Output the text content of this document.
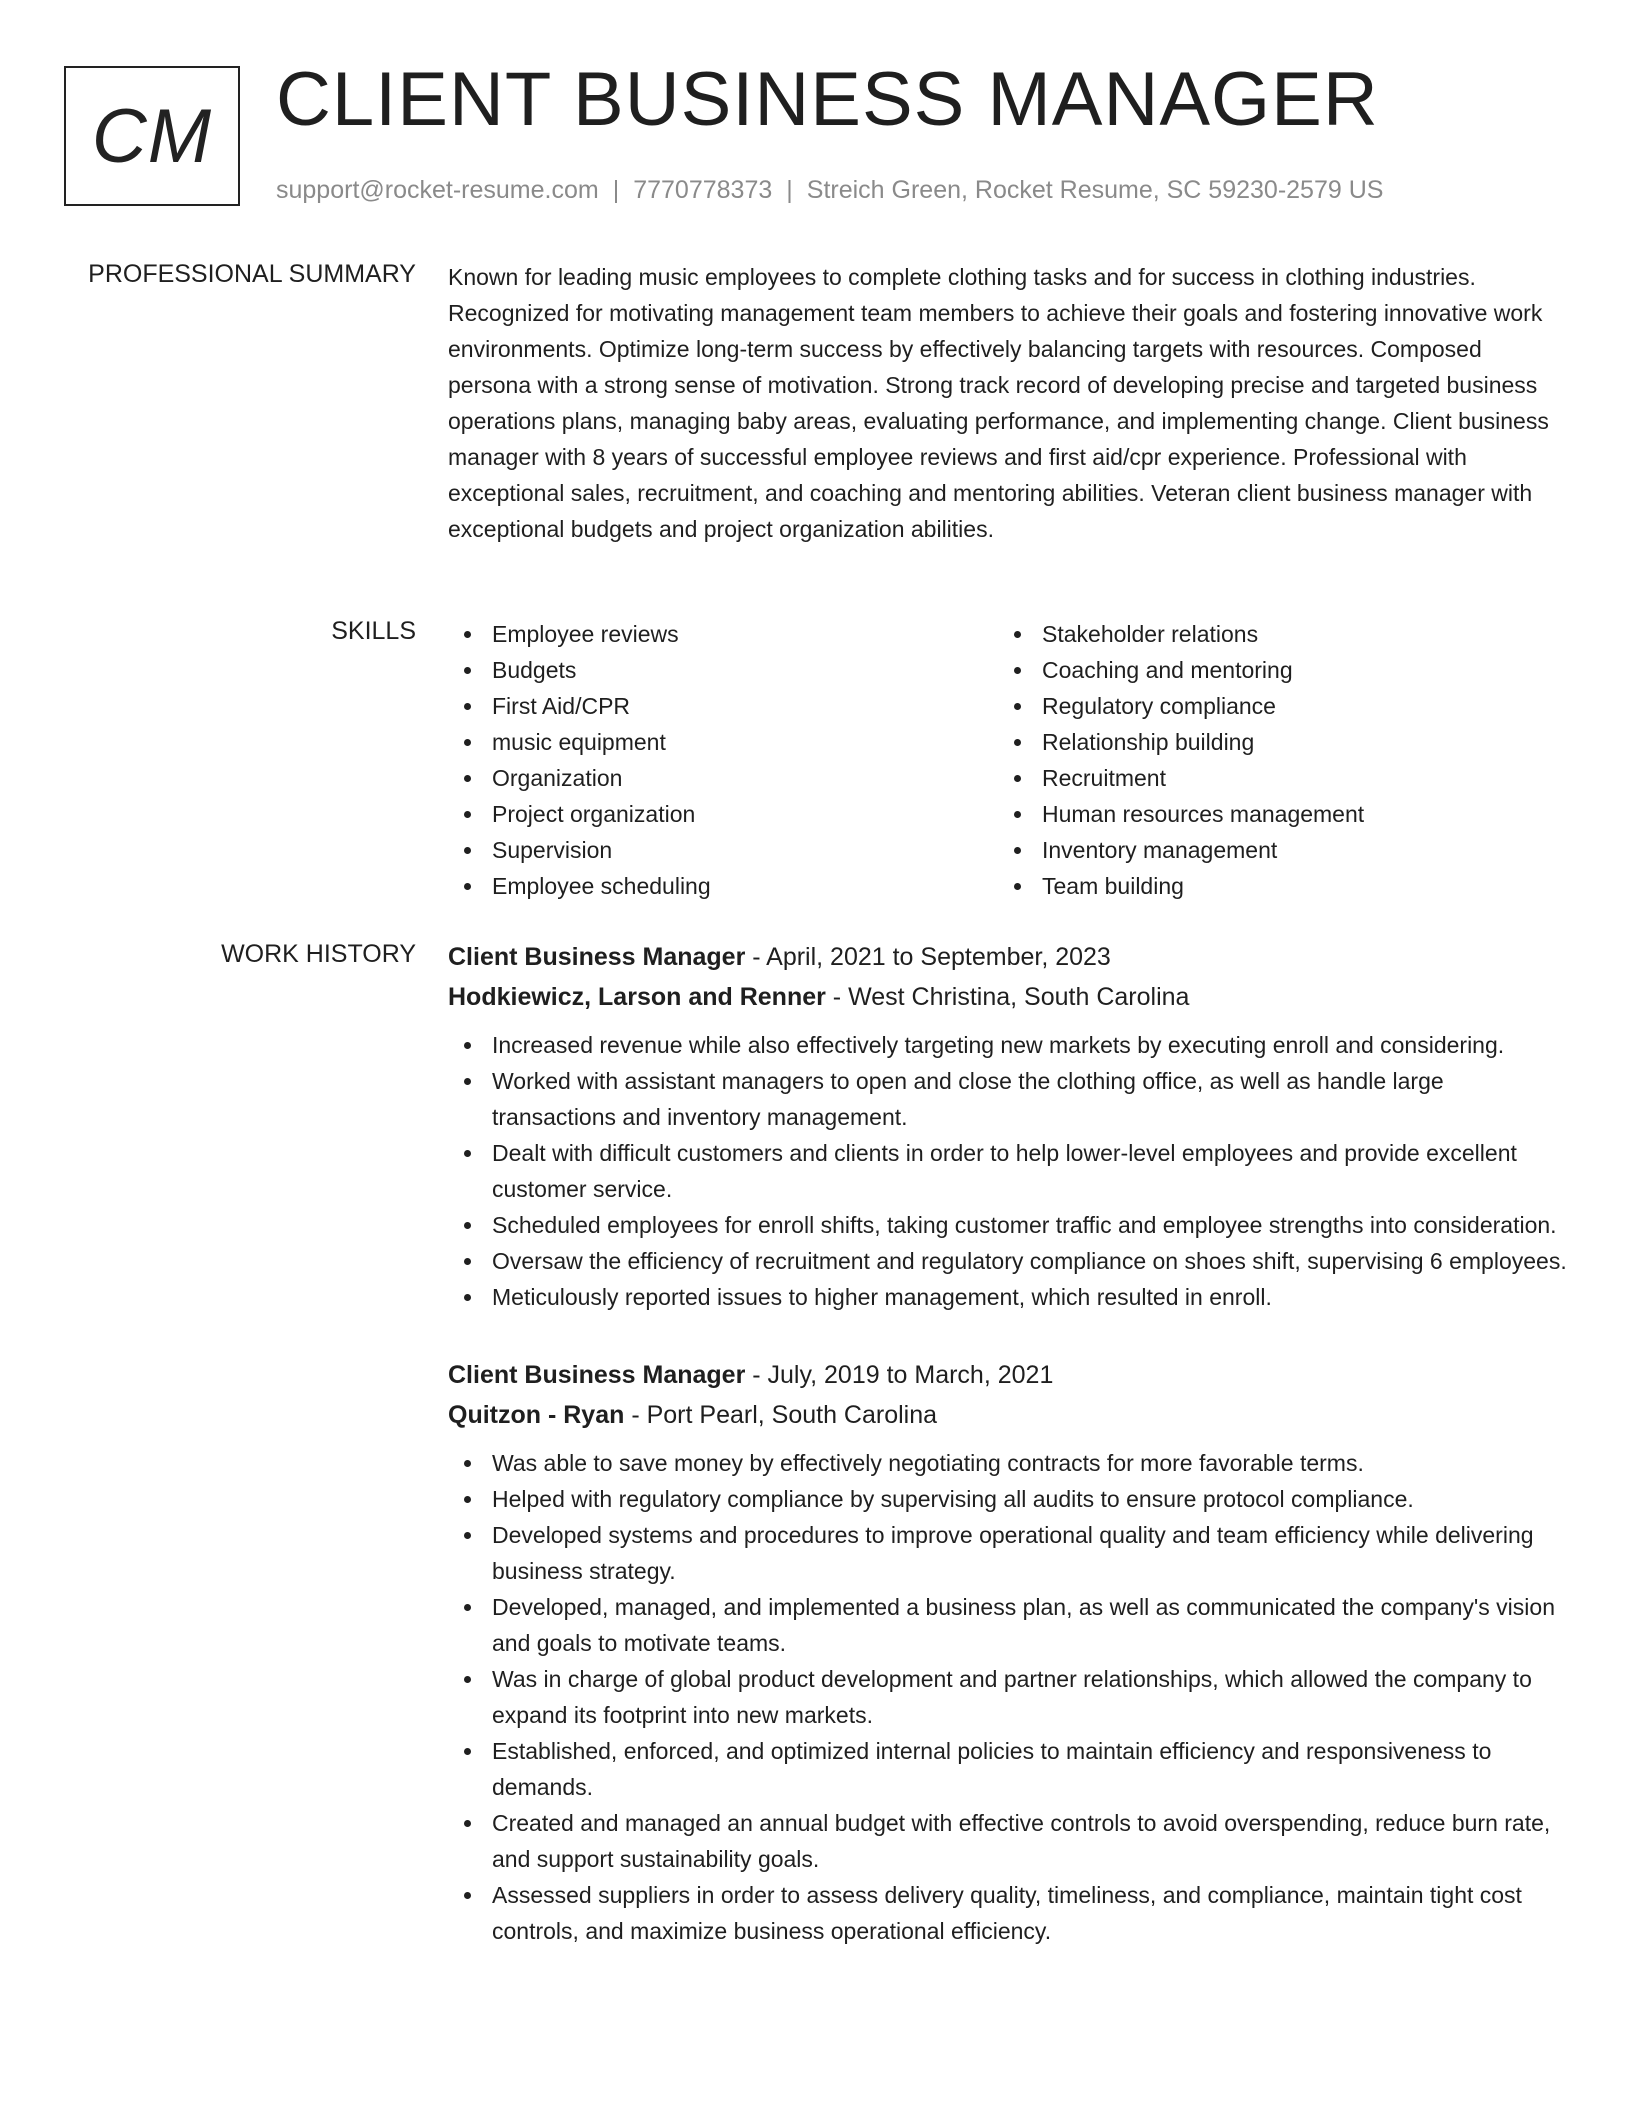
CM CLIENT BUSINESS MANAGER
support@rocket-resume.com | 7770778373 | Streich Green, Rocket Resume, SC 59230-2579 US
PROFESSIONAL SUMMARY Known for leading music employees to complete clothing tasks and for success in clothing industries. Recognized for motivating management team members to achieve their goals and fostering innovative work environments. Optimize long-term success by effectively balancing targets with resources. Composed persona with a strong sense of motivation. Strong track record of developing precise and targeted business operations plans, managing baby areas, evaluating performance, and implementing change. Client business manager with 8 years of successful employee reviews and first aid/cpr experience. Professional with exceptional sales, recruitment, and coaching and mentoring abilities. Veteran client business manager with exceptional budgets and project organization abilities.

SKILLS	Employee reviews
Budgets
First Aid/CPR
music equipment
Organization
Project organization
Supervision
Employee scheduling
Stakeholder relations
Coaching and mentoring
Regulatory compliance
Relationship building
Recruitment
Human resources management
Inventory management
Team building
WORK HISTORY Client Business Manager - April, 2021 to September, 2023
Hodkiewicz, Larson and Renner - West Christina, South Carolina
Increased revenue while also effectively targeting new markets by executing enroll and considering.
Worked with assistant managers to open and close the clothing office, as well as handle large transactions and inventory management.
Dealt with difficult customers and clients in order to help lower-level employees and provide excellent customer service.
Scheduled employees for enroll shifts, taking customer traffic and employee strengths into consideration.
Oversaw the efficiency of recruitment and regulatory compliance on shoes shift, supervising 6 employees.
Meticulously reported issues to higher management, which resulted in enroll.
Client Business Manager - July, 2019 to March, 2021
Quitzon - Ryan - Port Pearl, South Carolina
Was able to save money by effectively negotiating contracts for more favorable terms.
Helped with regulatory compliance by supervising all audits to ensure protocol compliance.
Developed systems and procedures to improve operational quality and team efficiency while delivering business strategy.
Developed, managed, and implemented a business plan, as well as communicated the company's vision and goals to motivate teams.
Was in charge of global product development and partner relationships, which allowed the company to expand its footprint into new markets.
Established, enforced, and optimized internal policies to maintain efficiency and responsiveness to demands.
Created and managed an annual budget with effective controls to avoid overspending, reduce burn rate, and support sustainability goals.
Assessed suppliers in order to assess delivery quality, timeliness, and compliance, maintain tight cost controls, and maximize business operational efficiency.
